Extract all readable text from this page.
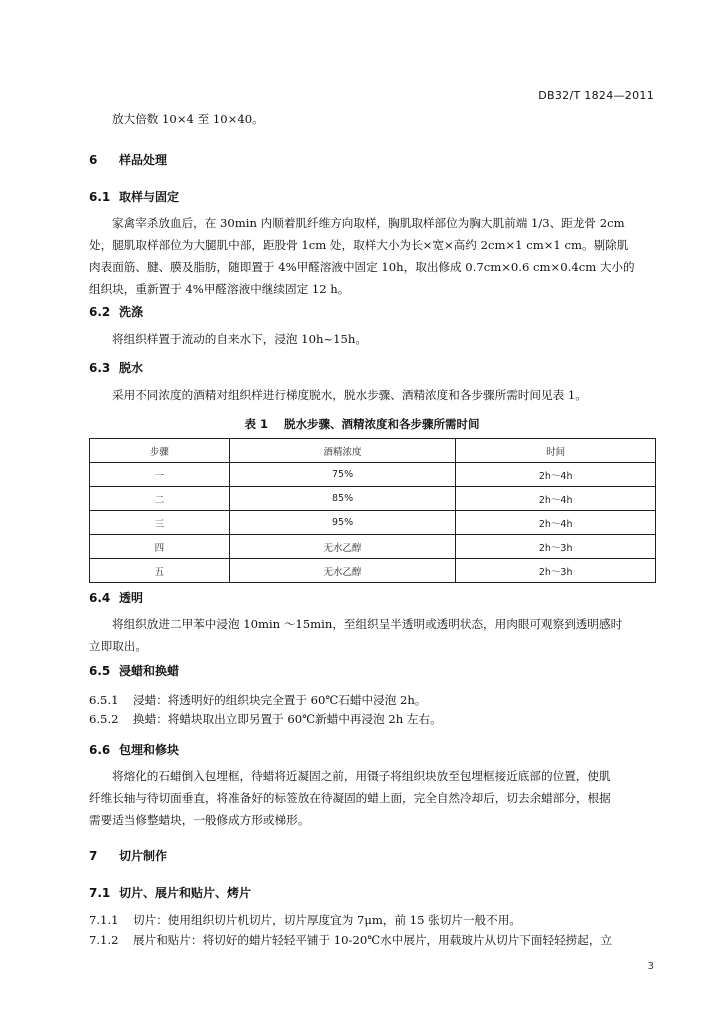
DB32/T 1824—2011
放大倍数 10×4 至 10×40。
6 样品处理
6.1 取样与固定
家禽宰杀放血后，在 30min 内顺着肌纤维方向取样，胸肌取样部位为胸大肌前端 1/3、距龙骨 2cm
处，腿肌取样部位为大腿肌中部，距股骨 1cm 处，取样大小为长×宽×高约 2cm×1 cm×1 cm。剔除肌
肉表面筋、腱、膜及脂肪，随即置于 4%甲醛溶液中固定 10h，取出修成 0.7cm×0.6 cm×0.4cm 大小的
组织块，重新置于 4%甲醛溶液中继续固定 12 h。
6.2 洗涤
将组织样置于流动的自来水下，浸泡 10h~15h。
6.3 脱水
采用不同浓度的酒精对组织样进行梯度脱水，脱水步骤、酒精浓度和各步骤所需时间见表 1。
表 1    脱水步骤、酒精浓度和各步骤所需时间
步骤	酒精浓度	时间
一	75%	2h～4h
二	85%	2h～4h
三	95%	2h～4h
四	无水乙醇	2h～3h
五	无水乙醇	2h～3h
6.4 透明
将组织放进二甲苯中浸泡 10min ～15min，至组织呈半透明或透明状态，用肉眼可观察到透明感时
立即取出。
6.5 浸蜡和换蜡
6.5.1 浸蜡：将透明好的组织块完全置于 60℃石蜡中浸泡 2h。
6.5.2 换蜡：将蜡块取出立即另置于 60℃新蜡中再浸泡 2h 左右。
6.6 包埋和修块
将熔化的石蜡倒入包埋框，待蜡将近凝固之前，用镊子将组织块放至包埋框接近底部的位置，使肌
纤维长轴与待切面垂直，将准备好的标签放在待凝固的蜡上面，完全自然冷却后，切去余蜡部分，根据
需要适当修整蜡块，一般修成方形或梯形。
7 切片制作
7.1 切片、展片和贴片、烤片
7.1.1 切片：使用组织切片机切片，切片厚度宜为 7μm，前 15 张切片一般不用。
7.1.2 展片和贴片：将切好的蜡片轻轻平铺于 10-20℃水中展片，用载玻片从切片下面轻轻捞起，立
3
